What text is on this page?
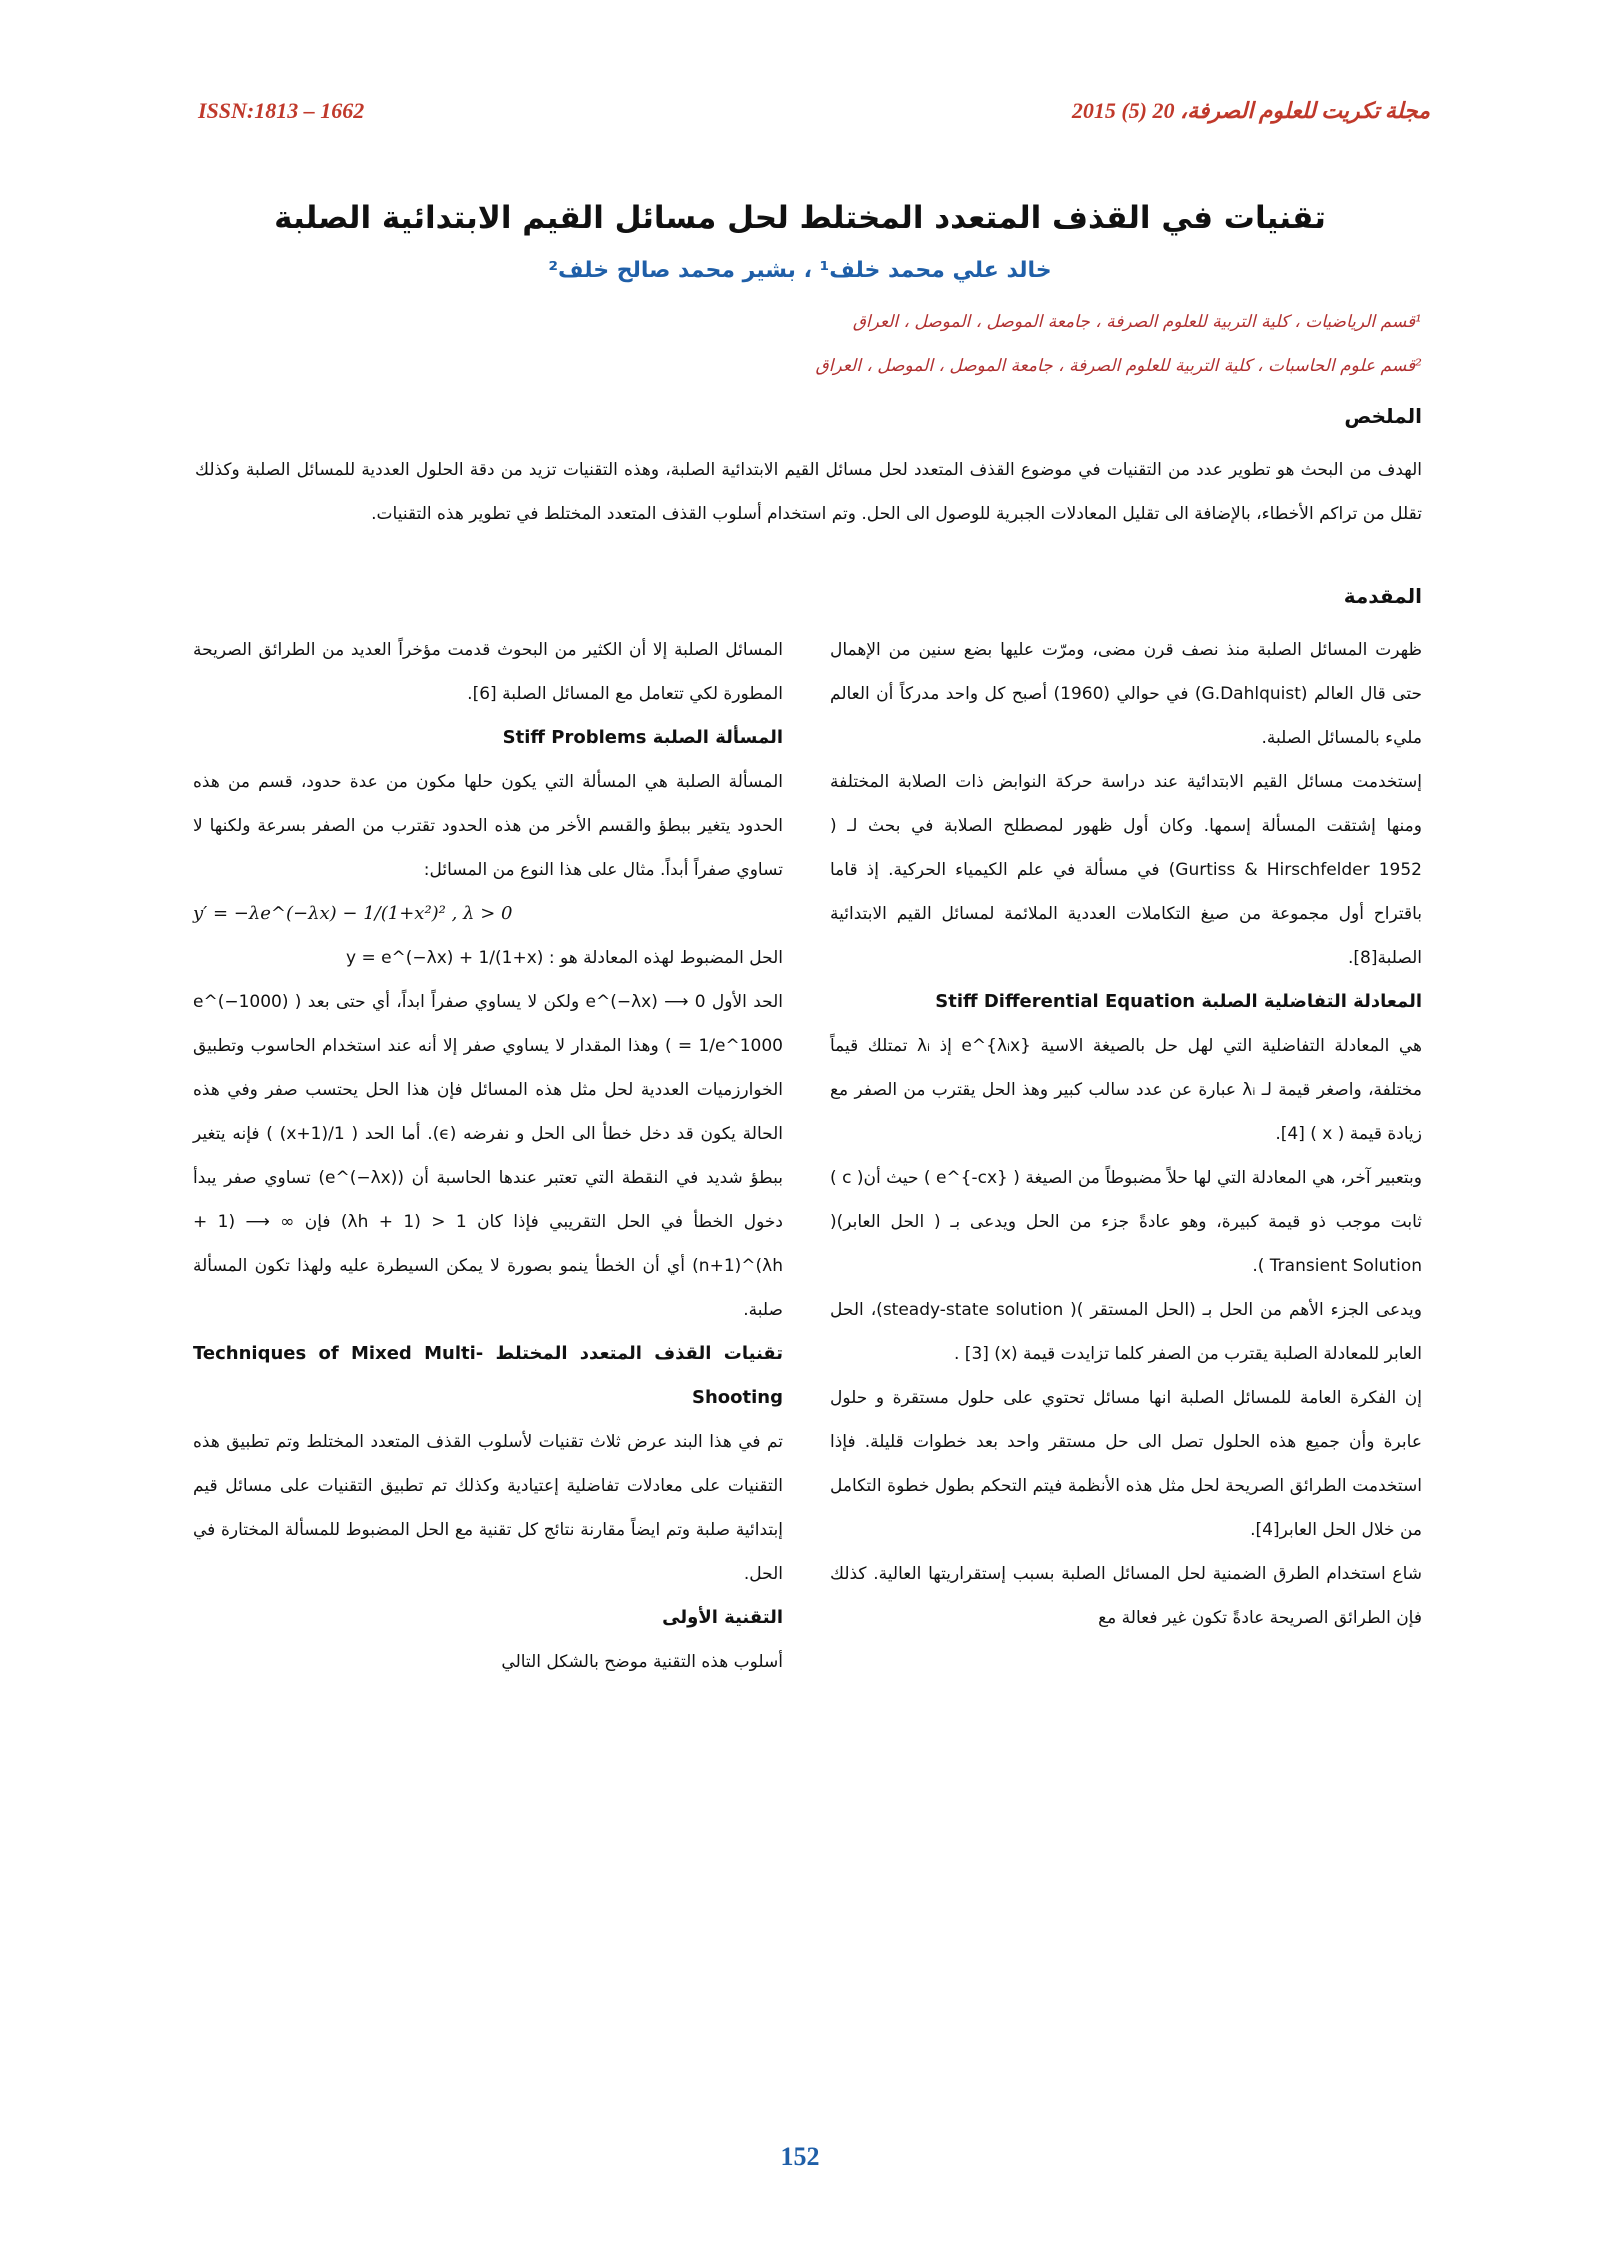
ISSN:1813 – 1662	مجلة تكريت للعلوم الصرفة، 20 (5) 2015
تقنيات في القذف المتعدد المختلط لحل مسائل القيم الابتدائية الصلبة
خالد علي محمد خلف¹ ، بشير محمد صالح خلف²
¹قسم الرياضيات ، كلية التربية للعلوم الصرفة ، جامعة الموصل ، الموصل ، العراق
²قسم علوم الحاسبات ، كلية التربية للعلوم الصرفة ، جامعة الموصل ، الموصل ، العراق
الملخص
الهدف من البحث هو تطوير عدد من التقنيات في موضوع القذف المتعدد لحل مسائل القيم الابتدائية الصلبة، وهذه التقنيات تزيد من دقة الحلول العددية للمسائل الصلبة وكذلك تقلل من تراكم الأخطاء، بالإضافة الى تقليل المعادلات الجبرية للوصول الى الحل. وتم استخدام أسلوب القذف المتعدد المختلط في تطوير هذه التقنيات.
المقدمة

ظهرت المسائل الصلبة منذ نصف قرن مضى، ومرّت عليها بضع سنين من الإهمال حتى قال العالم (G.Dahlquist) في حوالي (1960) أصبح كل واحد مدركاً أن العالم مليء بالمسائل الصلبة.

إستخدمت مسائل القيم الابتدائية عند دراسة حركة النوابض ذات الصلابة المختلفة ومنها إشتقت المسألة إسمها. وكان أول ظهور لمصطلح الصلابة في بحث لـ ( Gurtiss & Hirschfelder 1952) في مسألة في علم الكيمياء الحركية. إذ قاما باقتراح أول مجموعة من صيغ التكاملات العددية الملائمة لمسائل القيم الابتدائية الصلبة[8].

المعادلة التفاضلية الصلبة Stiff Differential Equation

هي المعادلة التفاضلية التي لهل حل بالصيغة الاسية e^{λᵢx} إذ λᵢ تمتلك قيماً مختلفة، واصغر قيمة لـ λᵢ عبارة عن عدد سالب كبير وهذ الحل يقترب من الصفر مع زيادة قيمة ( x ) [4].

وبتعبير آخر، هي المعادلة التي لها حلاً مضبوطاً من الصيغة ( e^{-cx} ) حيث أن( c ) ثابت موجب ذو قيمة كبيرة، وهو عادةً جزء من الحل ويدعى بـ ( الحل العابر)( Transient Solution ).

ويدعى الجزء الأهم من الحل بـ (الحل المستقر )( steady-state solution)، الحل العابر للمعادلة الصلبة يقترب من الصفر كلما تزايدت قيمة (x) [3] .

إن الفكرة العامة للمسائل الصلبة انها مسائل تحتوي على حلول مستقرة و حلول عابرة وأن جميع هذه الحلول تصل الى حل مستقر واحد بعد خطوات قليلة. فإذا استخدمت الطرائق الصريحة لحل مثل هذه الأنظمة فيتم التحكم بطول خطوة التكامل من خلال الحل العابر[4].

شاع استخدام الطرق الضمنية لحل المسائل الصلبة بسبب إستقراريتها العالية. كذلك فإن الطرائق الصريحة عادةً تكون غير فعالة مع

المسائل الصلبة إلا أن الكثير من البحوث قدمت مؤخراً العديد من الطرائق الصريحة المطورة لكي تتعامل مع المسائل الصلبة [6].

المسألة الصلبة Stiff Problems

المسألة الصلبة هي المسألة التي يكون حلها مكون من عدة حدود، قسم من هذه الحدود يتغير ببطؤ والقسم الأخر من هذه الحدود تقترب من الصفر بسرعة ولكنها لا تساوي صفراً أبداً. مثال على هذا النوع من المسائل:

y′ = −λe^(−λx) − 1/(1+x²)² , λ > 0

الحل المضبوط لهذه المعادلة هو : y = e^(−λx) + 1/(1+x)

الحد الأول e^(−λx) ⟶ 0 ولكن لا يساوي صفراً ابداً، أي حتى بعد ( e^(−1000) = 1/e^1000 ) وهذا المقدار لا يساوي صفر إلا أنه عند استخدام الحاسوب وتطبيق الخوارزميات العددية لحل مثل هذه المسائل فإن هذا الحل يحتسب صفر وفي هذه الحالة يكون قد دخل خطأ الى الحل و نفرضه (ϵ). أما الحد ( 1/(1+x) ) فإنه يتغير ببطؤ شديد في النقطة التي تعتبر عندها الحاسبة أن (e^(−λx)) تساوي صفر يبدأ دخول الخطأ في الحل التقريبي فإذا كان 1 < (1 + λh) فإن ∞ ⟶ (1 + λh)^(n+1) أي أن الخطأ ينمو بصورة لا يمكن السيطرة عليه ولهذا تكون المسألة صلبة.

تقنيات القذف المتعدد المختلط Techniques of Mixed Multi-Shooting

تم في هذا البند عرض ثلاث تقنيات لأسلوب القذف المتعدد المختلط وتم تطبيق هذه التقنيات على معادلات تفاضلية إعتيادية وكذلك تم تطبيق التقنيات على مسائل قيم إبتدائية صلبة وتم ايضاً مقارنة نتائج كل تقنية مع الحل المضبوط للمسألة المختارة في الحل.

التقنية الأولى

أسلوب هذه التقنية موضح بالشكل التالي

152
